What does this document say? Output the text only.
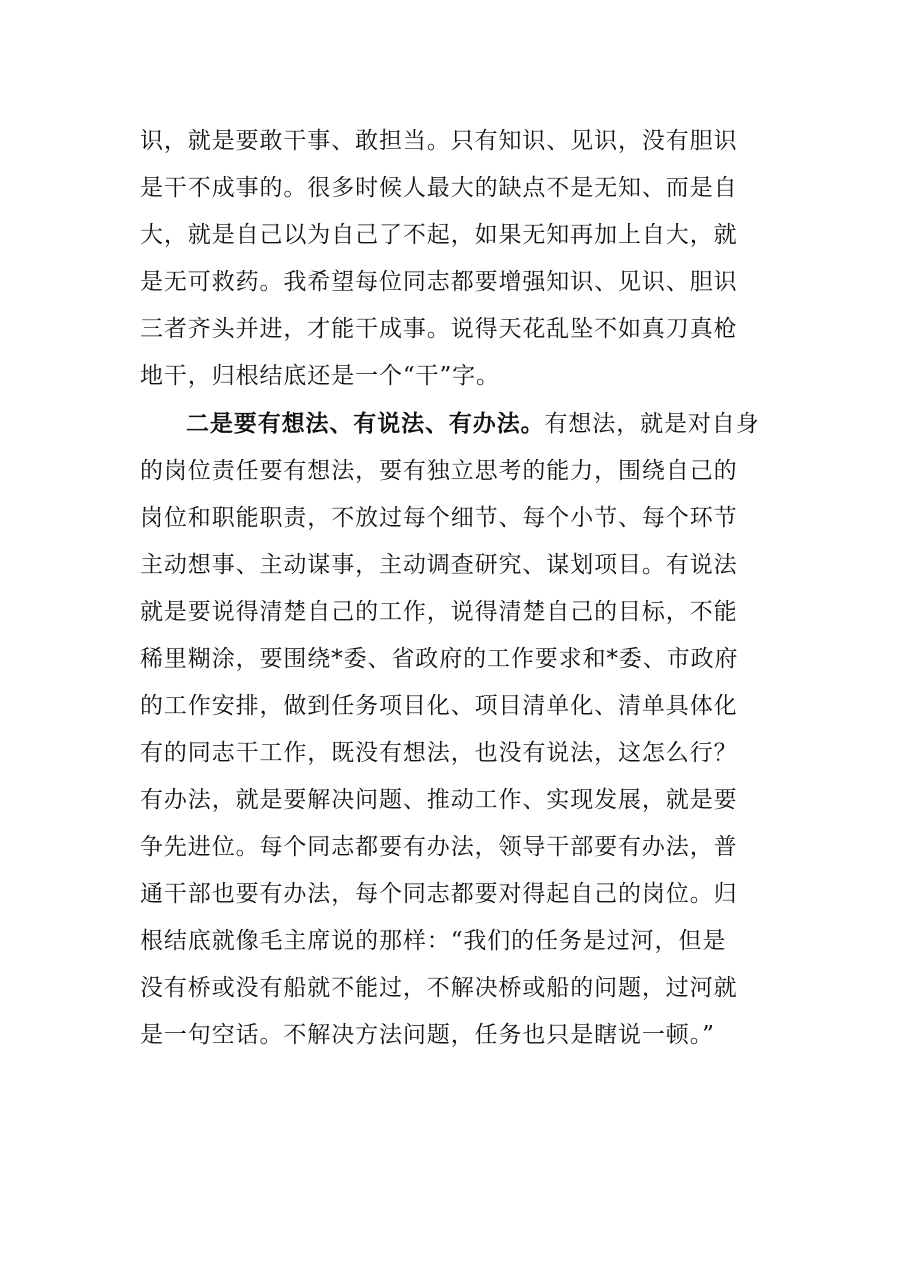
识，就是要敢干事、敢担当。只有知识、见识，没有胆识
是干不成事的。很多时候人最大的缺点不是无知、而是自
大，就是自己以为自己了不起，如果无知再加上自大，就
是无可救药。我希望每位同志都要增强知识、见识、胆识
三者齐头并进，才能干成事。说得天花乱坠不如真刀真枪
地干，归根结底还是一个“干”字。
二是要有想法、有说法、有办法。有想法，就是对自身
的岗位责任要有想法，要有独立思考的能力，围绕自己的
岗位和职能职责，不放过每个细节、每个小节、每个环节
主动想事、主动谋事，主动调查研究、谋划项目。有说法
就是要说得清楚自己的工作，说得清楚自己的目标，不能
稀里糊涂，要围绕*委、省政府的工作要求和*委、市政府
的工作安排，做到任务项目化、项目清单化、清单具体化
有的同志干工作，既没有想法，也没有说法，这怎么行？
有办法，就是要解决问题、推动工作、实现发展，就是要
争先进位。每个同志都要有办法，领导干部要有办法，普
通干部也要有办法，每个同志都要对得起自己的岗位。归
根结底就像毛主席说的那样：“我们的任务是过河，但是
没有桥或没有船就不能过，不解决桥或船的问题，过河就
是一句空话。不解决方法问题，任务也只是瞎说一顿。”
